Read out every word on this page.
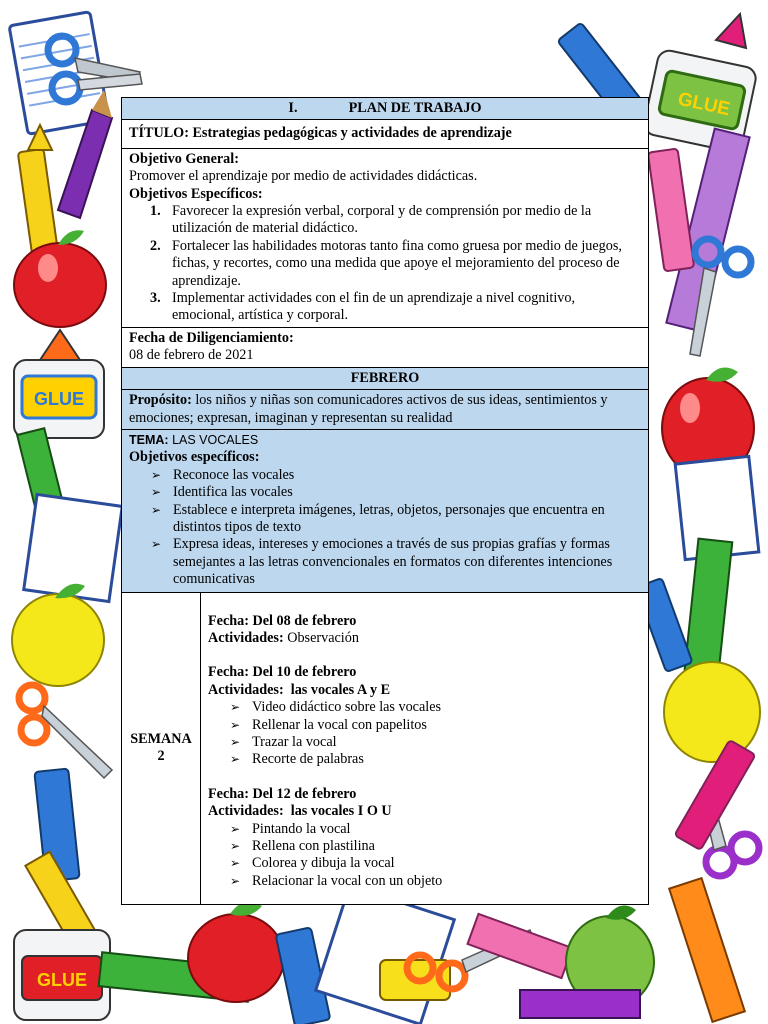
GLUE
GLUE
GLUE
I.	PLAN DE TRABAJO
TÍTULO: Estrategias pedagógicas y actividades de aprendizaje
Objetivo General:
Promover el aprendizaje por medio de actividades didácticas.
Objetivos Específicos:
1. Favorecer la expresión verbal, corporal y de comprensión por medio de la utilización de material didáctico.
2. Fortalecer las habilidades motoras tanto fina como gruesa por medio de juegos, fichas, y recortes, como una medida que apoye el mejoramiento del proceso de aprendizaje.
3. Implementar actividades con el fin de un aprendizaje a nivel cognitivo, emocional, artística y corporal.
Fecha de Diligenciamiento:
08 de febrero de 2021
FEBRERO
Propósito: los niños y niñas son comunicadores activos de sus ideas, sentimientos y emociones; expresan, imaginan y representan su realidad
TEMA: LAS VOCALES
Objetivos específicos:
➢ Reconoce las vocales
➢ Identifica las vocales
➢ Establece e interpreta imágenes, letras, objetos, personajes que encuentra en distintos tipos de texto
➢ Expresa ideas, intereses y emociones a través de sus propias grafías y formas semejantes a las letras convencionales en formatos con diferentes intenciones comunicativas
SEMANA
2
Fecha: Del 08 de febrero
Actividades: Observación
Fecha: Del 10 de febrero
Actividades: las vocales A y E
➢ Video didáctico sobre las vocales
➢ Rellenar la vocal con papelitos
➢ Trazar la vocal
➢ Recorte de palabras
Fecha: Del 12 de febrero
Actividades: las vocales I O U
➢ Pintando la vocal
➢ Rellena con plastilina
➢ Colorea y dibuja la vocal
➢ Relacionar la vocal con un objeto
